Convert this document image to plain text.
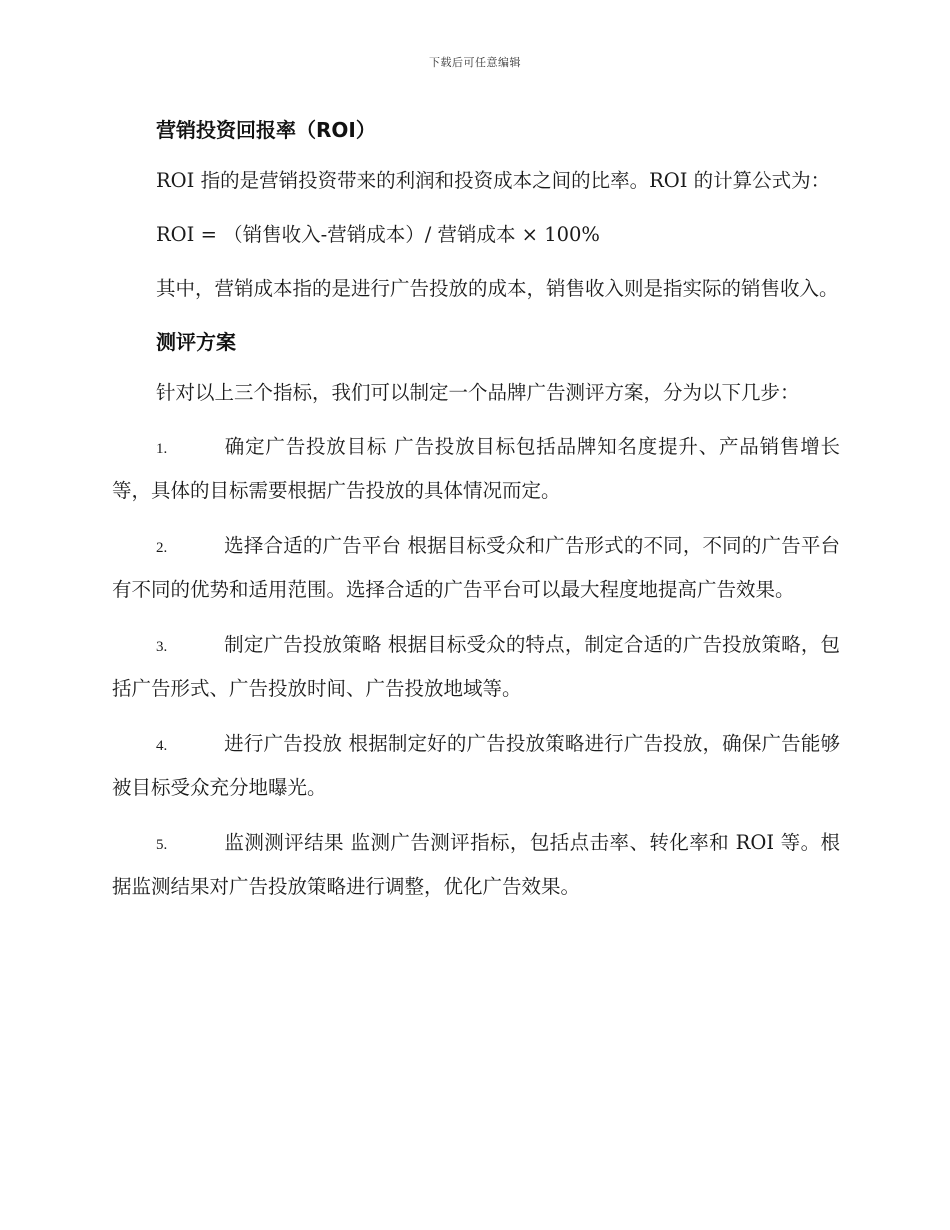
下载后可任意编辑
营销投资回报率（ROI）

ROI 指的是营销投资带来的利润和投资成本之间的比率。ROI 的计算公式为：

ROI = （销售收入-营销成本）/ 营销成本 × 100%

其中，营销成本指的是进行广告投放的成本，销售收入则是指实际的销售收入。

测评方案

针对以上三个指标，我们可以制定一个品牌广告测评方案，分为以下几步：

1.	确定广告投放目标 广告投放目标包括品牌知名度提升、产品销售增长等，具体的目标需要根据广告投放的具体情况而定。
2.	选择合适的广告平台 根据目标受众和广告形式的不同，不同的广告平台有不同的优势和适用范围。选择合适的广告平台可以最大程度地提高广告效果。
3.	制定广告投放策略 根据目标受众的特点，制定合适的广告投放策略，包括广告形式、广告投放时间、广告投放地域等。
4.	进行广告投放 根据制定好的广告投放策略进行广告投放，确保广告能够被目标受众充分地曝光。
5.	监测测评结果 监测广告测评指标，包括点击率、转化率和 ROI 等。根据监测结果对广告投放策略进行调整，优化广告效果。
